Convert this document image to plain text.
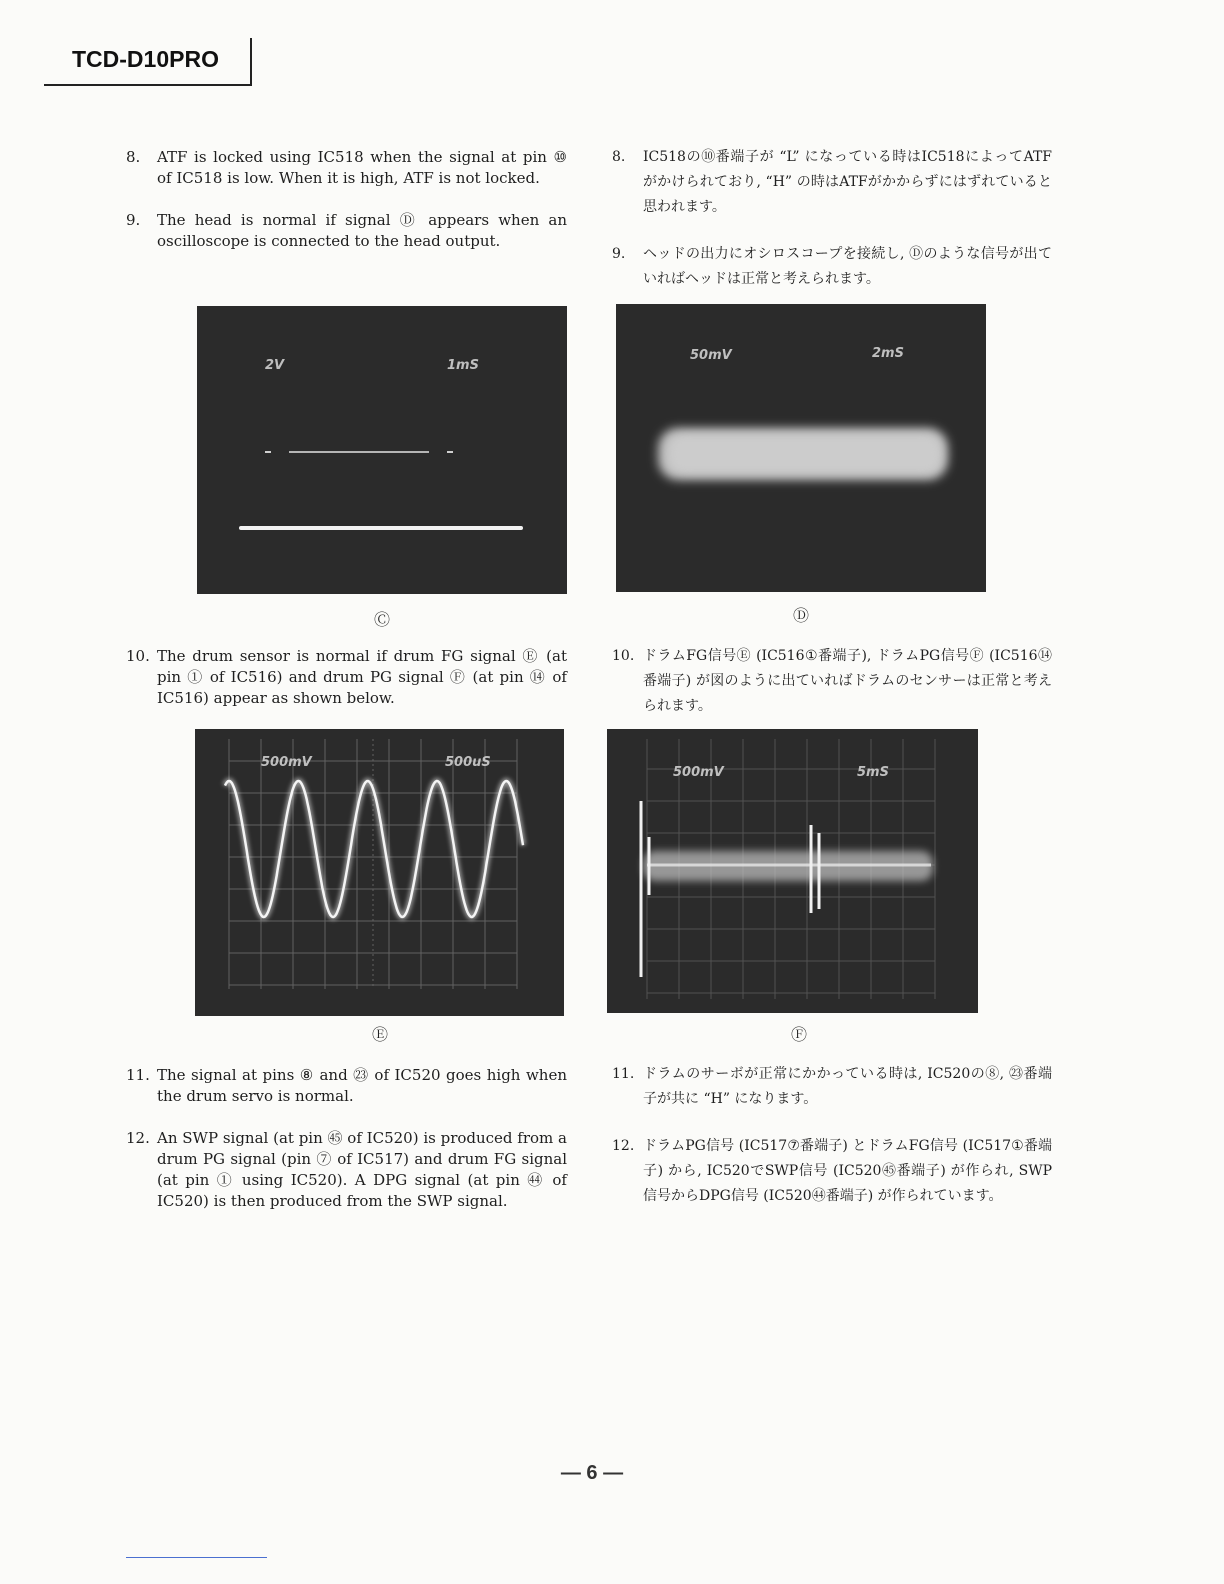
TCD-D10PRO
8.	ATF is locked using IC518 when the signal at pin ⑩ of IC518 is low. When it is high, ATF is not locked.
9.	The head is normal if signal Ⓓ appears when an oscilloscope is connected to the head output.
8. IC518の⑩番端子が “L” になっている時はIC518によってATFがかけられており, “H” の時はATFがかからずにはずれていると思われます。
9. ヘッドの出力にオシロスコープを接続し, Ⓓのような信号が出ていればヘッドは正常と考えられます。
2V	1mS
Ⓒ
50mV	2mS
Ⓓ
10. The drum sensor is normal if drum FG signal Ⓔ (at pin ① of IC516) and drum PG signal Ⓕ (at pin ⑭ of IC516) appear as shown below.
10. ドラムFG信号Ⓔ (IC516①番端子), ドラムPG信号Ⓕ (IC516⑭番端子) が図のように出ていればドラムのセンサーは正常と考えられます。
500mV	500uS
Ⓔ
500mV	5mS
Ⓕ
11. The signal at pins ⑧ and ㉓ of IC520 goes high when the drum servo is normal.
12. An SWP signal (at pin ㊺ of IC520) is produced from a drum PG signal (pin ⑦ of IC517) and drum FG signal (at pin ① using IC520). A DPG signal (at pin ㊹ of IC520) is then produced from the SWP signal.
11. ドラムのサーボが正常にかかっている時は, IC520の⑧, ㉓番端子が共に “H” になります。
12. ドラムPG信号 (IC517⑦番端子) とドラムFG信号 (IC517①番端子) から, IC520でSWP信号 (IC520㊺番端子) が作られ, SWP信号からDPG信号 (IC520㊹番端子) が作られています。
— 6 —
